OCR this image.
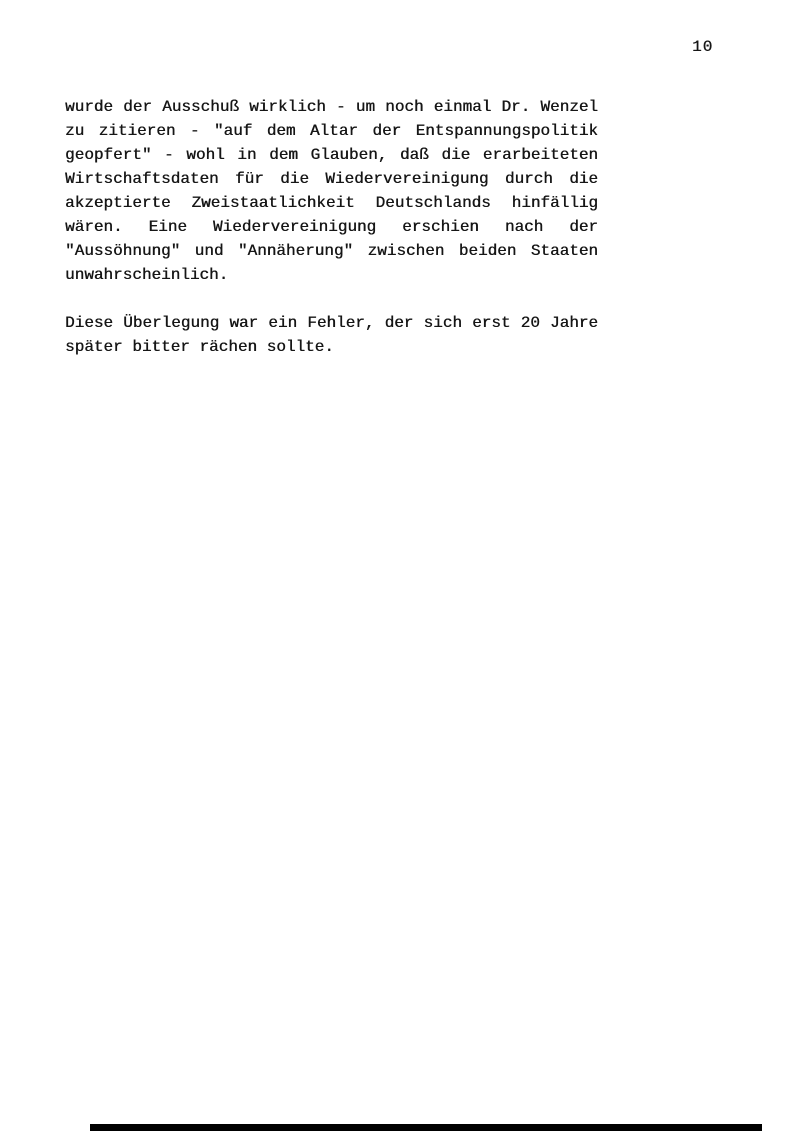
10
wurde der Ausschuß wirklich - um noch einmal Dr. Wenzel
zu zitieren - "auf dem Altar der Entspannungspolitik
geopfert" - wohl in dem Glauben, daß die erarbeiteten
Wirtschaftsdaten für die Wiedervereinigung durch die
akzeptierte Zweistaatlichkeit Deutschlands hinfällig
wären. Eine Wiedervereinigung erschien nach der
"Aussöhnung" und "Annäherung" zwischen beiden Staaten
unwahrscheinlich.
Diese Überlegung war ein Fehler, der sich erst 20 Jahre
später bitter rächen sollte.
